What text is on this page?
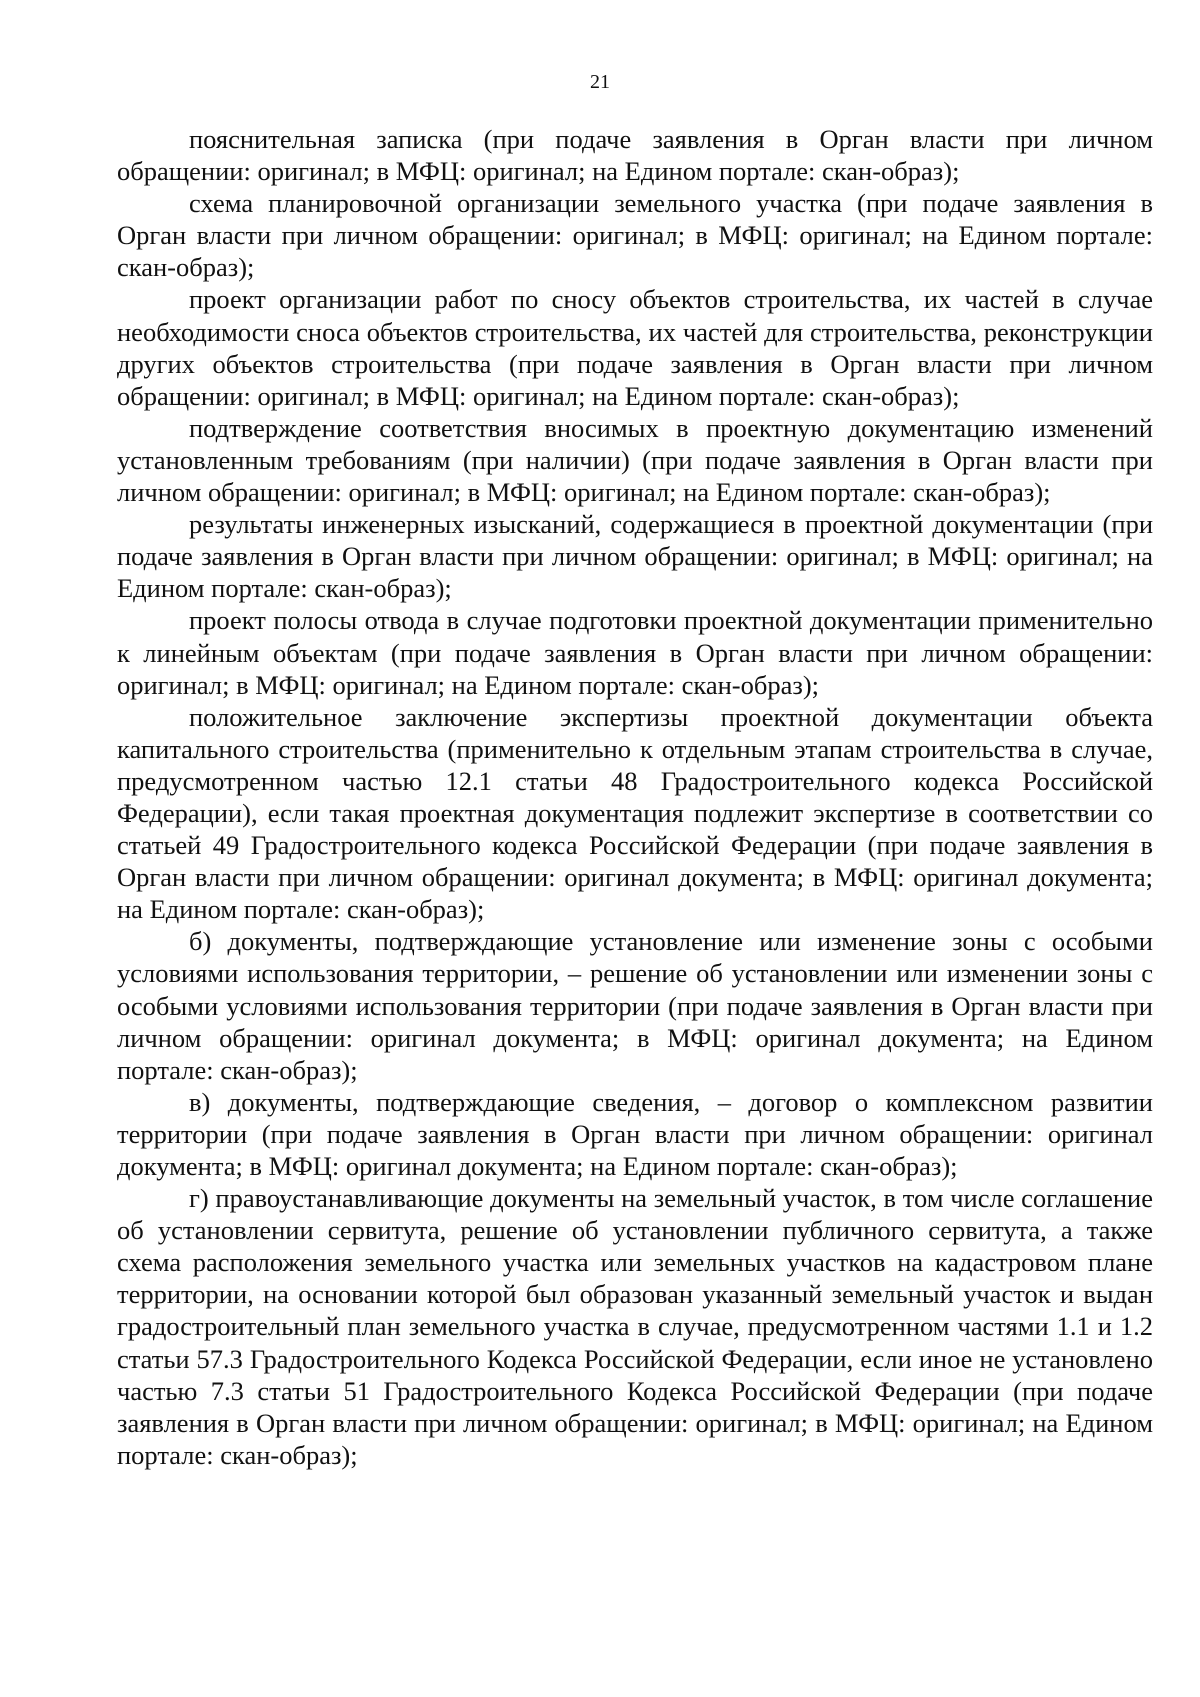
21

пояснительная записка (при подаче заявления в Орган власти при личном обращении: оригинал; в МФЦ: оригинал; на Едином портале: скан-образ);

схема планировочной организации земельного участка (при подаче заявления в Орган власти при личном обращении: оригинал; в МФЦ: оригинал; на Едином портале: скан-образ);

проект организации работ по сносу объектов строительства, их частей в случае необходимости сноса объектов строительства, их частей для строительства, реконструкции других объектов строительства (при подаче заявления в Орган власти при личном обращении: оригинал; в МФЦ: оригинал; на Едином портале: скан-образ);

подтверждение соответствия вносимых в проектную документацию изменений установленным требованиям (при наличии) (при подаче заявления в Орган власти при личном обращении: оригинал; в МФЦ: оригинал; на Едином портале: скан-образ);

результаты инженерных изысканий, содержащиеся в проектной документации (при подаче заявления в Орган власти при личном обращении: оригинал; в МФЦ: оригинал; на Едином портале: скан-образ);

проект полосы отвода в случае подготовки проектной документации применительно к линейным объектам (при подаче заявления в Орган власти при личном обращении: оригинал; в МФЦ: оригинал; на Едином портале: скан-образ);

положительное заключение экспертизы проектной документации объекта капитального строительства (применительно к отдельным этапам строительства в случае, предусмотренном частью 12.1 статьи 48 Градостроительного кодекса Российской Федерации), если такая проектная документация подлежит экспертизе в соответствии со статьей 49 Градостроительного кодекса Российской Федерации (при подаче заявления в Орган власти при личном обращении: оригинал документа; в МФЦ: оригинал документа; на Едином портале: скан-образ);

б) документы, подтверждающие установление или изменение зоны с особыми условиями использования территории, – решение об установлении или изменении зоны с особыми условиями использования территории (при подаче заявления в Орган власти при личном обращении: оригинал документа; в МФЦ: оригинал документа; на Едином портале: скан-образ);

в) документы, подтверждающие сведения, – договор о комплексном развитии территории (при подаче заявления в Орган власти при личном обращении: оригинал документа; в МФЦ: оригинал документа; на Едином портале: скан-образ);

г) правоустанавливающие документы на земельный участок, в том числе соглашение об установлении сервитута, решение об установлении публичного сервитута, а также схема расположения земельного участка или земельных участков на кадастровом плане территории, на основании которой был образован указанный земельный участок и выдан градостроительный план земельного участка в случае, предусмотренном частями 1.1 и 1.2 статьи 57.3 Градостроительного Кодекса Российской Федерации, если иное не установлено частью 7.3 статьи 51 Градостроительного Кодекса Российской Федерации (при подаче заявления в Орган власти при личном обращении: оригинал; в МФЦ: оригинал; на Едином портале: скан-образ);
